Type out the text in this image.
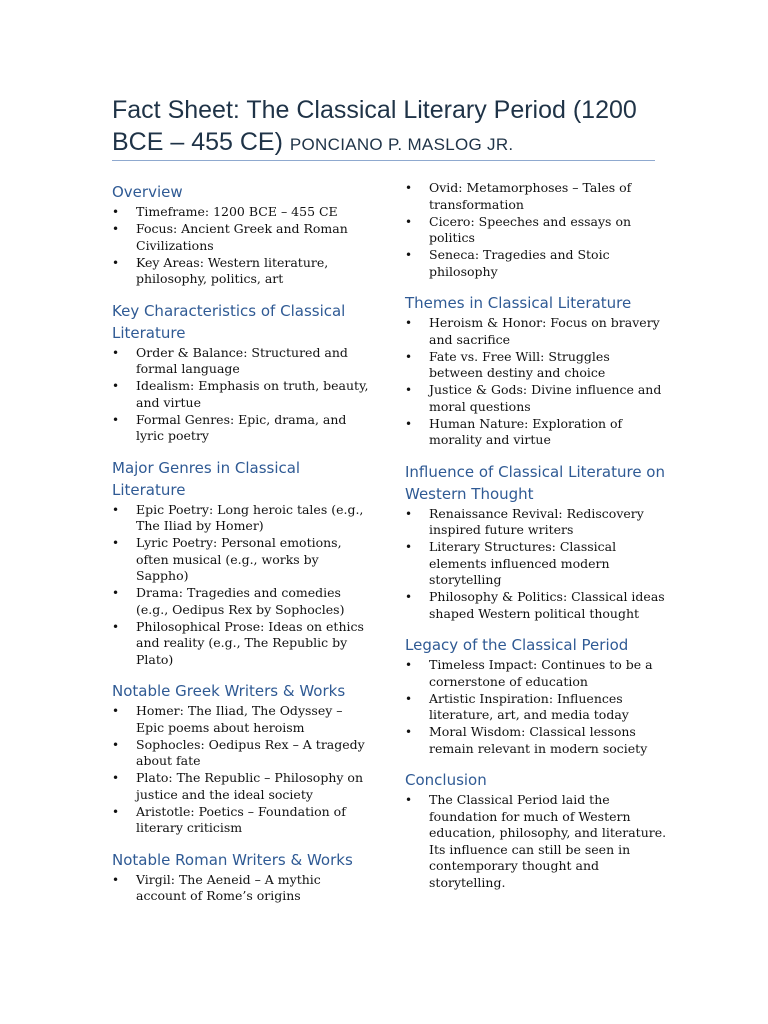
Fact Sheet: The Classical Literary Period (1200 BCE – 455 CE) PONCIANO P. MASLOG JR.
Overview
• Timeframe: 1200 BCE – 455 CE
• Focus: Ancient Greek and Roman Civilizations
• Key Areas: Western literature, philosophy, politics, art
Key Characteristics of Classical Literature
• Order & Balance: Structured and formal language
• Idealism: Emphasis on truth, beauty, and virtue
• Formal Genres: Epic, drama, and lyric poetry
Major Genres in Classical Literature
• Epic Poetry: Long heroic tales (e.g., The Iliad by Homer)
• Lyric Poetry: Personal emotions, often musical (e.g., works by Sappho)
• Drama: Tragedies and comedies (e.g., Oedipus Rex by Sophocles)
• Philosophical Prose: Ideas on ethics and reality (e.g., The Republic by Plato)
Notable Greek Writers & Works
• Homer: The Iliad, The Odyssey – Epic poems about heroism
• Sophocles: Oedipus Rex – A tragedy about fate
• Plato: The Republic – Philosophy on justice and the ideal society
• Aristotle: Poetics – Foundation of literary criticism
Notable Roman Writers & Works
• Virgil: The Aeneid – A mythic account of Rome’s origins
• Ovid: Metamorphoses – Tales of transformation
• Cicero: Speeches and essays on politics
• Seneca: Tragedies and Stoic philosophy
Themes in Classical Literature
• Heroism & Honor: Focus on bravery and sacrifice
• Fate vs. Free Will: Struggles between destiny and choice
• Justice & Gods: Divine influence and moral questions
• Human Nature: Exploration of morality and virtue
Influence of Classical Literature on Western Thought
• Renaissance Revival: Rediscovery inspired future writers
• Literary Structures: Classical elements influenced modern storytelling
• Philosophy & Politics: Classical ideas shaped Western political thought
Legacy of the Classical Period
• Timeless Impact: Continues to be a cornerstone of education
• Artistic Inspiration: Influences literature, art, and media today
• Moral Wisdom: Classical lessons remain relevant in modern society
Conclusion
• The Classical Period laid the foundation for much of Western education, philosophy, and literature. Its influence can still be seen in contemporary thought and storytelling.
